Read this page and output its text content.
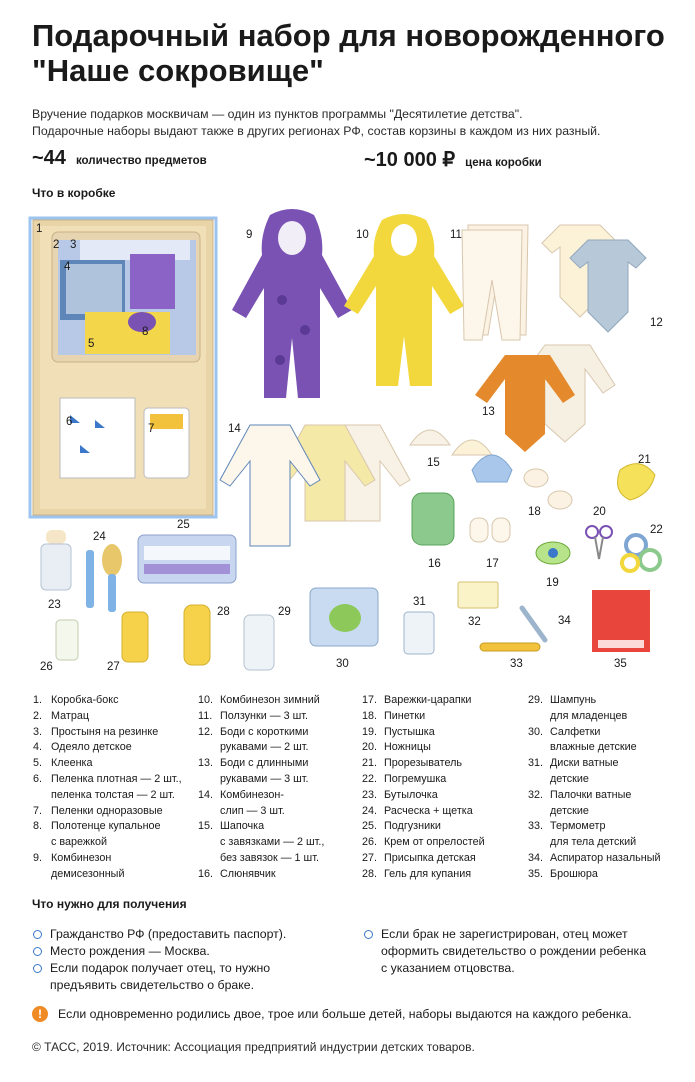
Подарочный набор для новорожденного "Наше сокровище"
Вручение подарков москвичам — один из пунктов программы "Десятилетие детства".
Подарочные наборы выдают также в других регионах РФ, состав корзины в каждом из них разный.
~44 количество предметов	~10 000 ₽ цена коробки
Что в коробке
1
2 3
4
5
6
7
8
9	10	11
12
13
14
15
16	17
18
19
20
21
22
23
24
25
26	27
28	29
30
31
32
33
34
35
1. Коробка-бокс
2. Матрац
3. Простыня на резинке
4. Одеяло детское
5. Клеенка
6. Пеленка плотная — 2 шт.,
пеленка толстая — 2 шт.
7. Пеленки одноразовые
8. Полотенце купальное
с варежкой
9. Комбинезон
демисезонный
10. Комбинезон зимний
11. Ползунки — 3 шт.
12. Боди с короткими
рукавами — 2 шт.
13. Боди с длинными
рукавами — 3 шт.
14. Комбинезон-
слип — 3 шт.
15. Шапочка
с завязками — 2 шт.,
без завязок — 1 шт.
16. Слюнявчик
17. Варежки-царапки
18. Пинетки
19. Пустышка
20. Ножницы
21. Прорезыватель
22. Погремушка
23. Бутылочка
24. Расческа + щетка
25. Подгузники
26. Крем от опрелостей
27. Присыпка детская
28. Гель для купания
29. Шампунь
для младенцев
30. Салфетки
влажные детские
31. Диски ватные
детские
32. Палочки ватные
детские
33. Термометр
для тела детский
34. Аспиратор назальный
35. Брошюра
Что нужно для получения
Гражданство РФ (предоставить паспорт).
Место рождения — Москва.
Если подарок получает отец, то нужно
предъявить свидетельство о браке.
Если брак не зарегистрирован, отец может
оформить свидетельство о рождении ребенка
с указанием отцовства.
!	Если одновременно родились двое, трое или больше детей, наборы выдаются на каждого ребенка.
© ТАСС, 2019. Источник: Ассоциация предприятий индустрии детских товаров.
